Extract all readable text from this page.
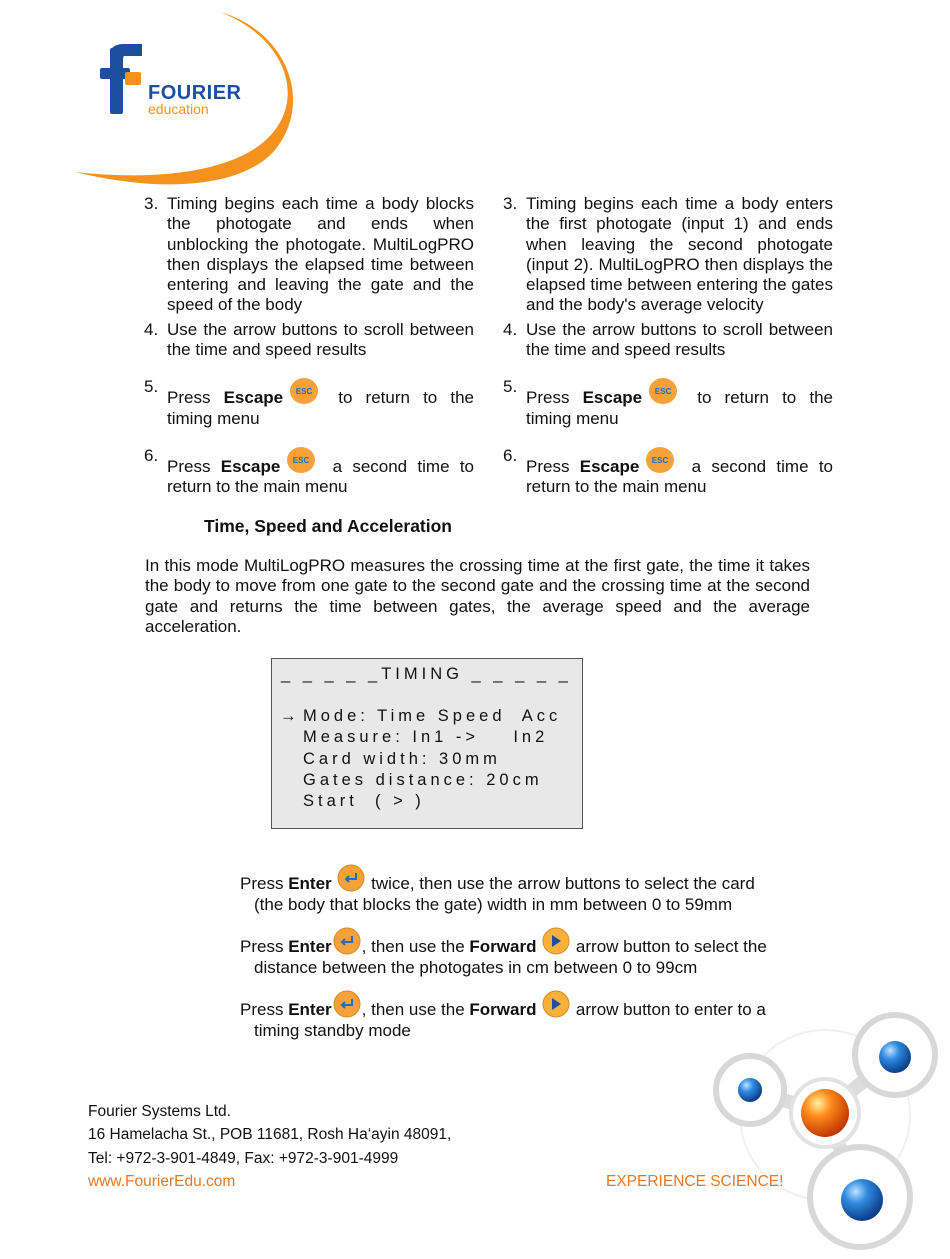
FOURIER
education
3. Timing begins each time a body blocks the photogate and ends when unblocking the photogate. MultiLogPRO then displays the elapsed time between entering and leaving the gate and the speed of the body
4. Use the arrow buttons to scroll between the time and speed results
5.
Press Escape ESC to return to the timing menu
6.
Press Escape ESC a second time to return to the main menu
3. Timing begins each time a body enters the first photogate (input 1) and ends when leaving the second photogate (input 2). MultiLogPRO then displays the elapsed time between entering the gates and the body's average velocity
4. Use the arrow buttons to scroll between the time and speed results
5.
Press Escape ESC to return to the timing menu
6.
Press Escape ESC a second time to return to the main menu
Time, Speed and Acceleration
In this mode MultiLogPRO measures the crossing time at the first gate, the time it takes the body to move from one gate to the second gate and the crossing time at the second gate and returns the time between gates, the average speed and the average acceleration.
_ _ _ _ _TIMING _ _ _ _ _
→ Mode: Time Speed  Acc
Measure: In1 ->    In2
Card width: 30mm
Gates distance: 20cm
Start  ( > )
Press Enter  twice, then use the arrow buttons to select the card
(the body that blocks the gate) width in mm between 0 to 59mm
Press Enter , then use the Forward  arrow button to select the
distance between the photogates in cm between 0 to 99cm
Press Enter , then use the Forward  arrow button to enter to a
timing standby mode
Fourier Systems Ltd.
16 Hamelacha St., POB 11681, Rosh Ha‘ayin 48091,
Tel: +972-3-901-4849, Fax: +972-3-901-4999
www.FourierEdu.com	EXPERIENCE SCIENCE!
